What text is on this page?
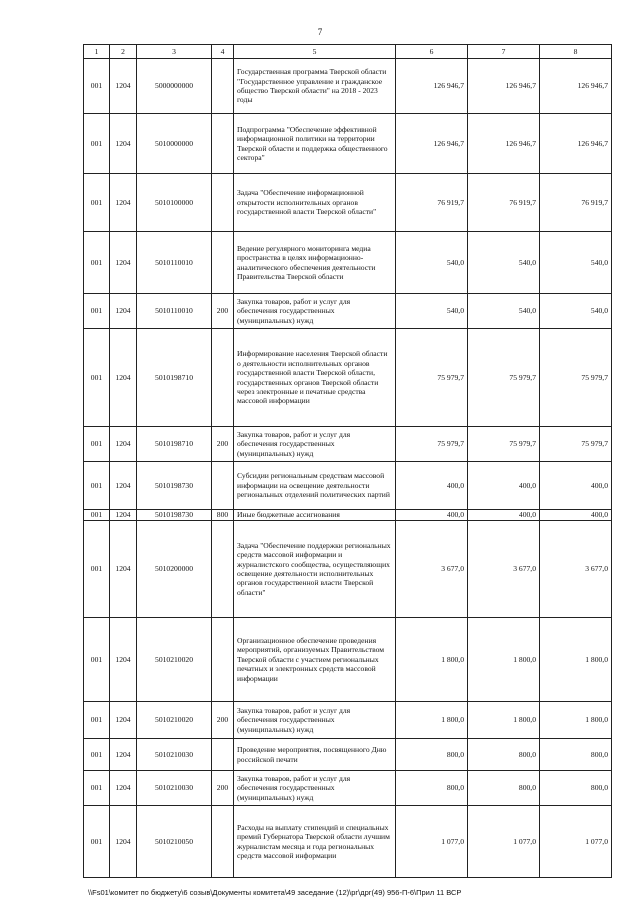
7
1	2	3	4	5	6	7	8
001	1204	5000000000		Государственная программа Тверской области "Государственное управление и гражданское общество Тверской области" на 2018 - 2023 годы	126 946,7	126 946,7	126 946,7
001	1204	5010000000		Подпрограмма "Обеспечение эффективной информационной политики на территории Тверской области и поддержка общественного сектора"	126 946,7	126 946,7	126 946,7
001	1204	5010100000		Задача "Обеспечение информационной открытости исполнительных органов государственной власти Тверской области"	76 919,7	76 919,7	76 919,7
001	1204	5010110010		Ведение регулярного мониторинга медиа пространства в целях информационно-аналитического обеспечения деятельности Правительства Тверской области	540,0	540,0	540,0
001	1204	5010110010	200	Закупка товаров, работ и услуг для обеспечения государственных (муниципальных) нужд	540,0	540,0	540,0
001	1204	5010198710		Информирование населения Тверской области о деятельности исполнительных органов государственной власти Тверской области, государственных органов Тверской области через электронные и печатные средства массовой информации	75 979,7	75 979,7	75 979,7
001	1204	5010198710	200	Закупка товаров, работ и услуг для обеспечения государственных (муниципальных) нужд	75 979,7	75 979,7	75 979,7
001	1204	5010198730		Субсидии региональным средствам массовой информации на освещение деятельности региональных отделений политических партий	400,0	400,0	400,0
001	1204	5010198730	800	Иные бюджетные ассигнования	400,0	400,0	400,0
001	1204	5010200000		Задача "Обеспечение поддержки региональных средств массовой информации и журналистского сообщества, осуществляющих освещение деятельности исполнительных органов государственной власти Тверской области"	3 677,0	3 677,0	3 677,0
001	1204	5010210020		Организационное обеспечение проведения мероприятий, организуемых Правительством Тверской области с участием региональных печатных и электронных средств массовой информации	1 800,0	1 800,0	1 800,0
001	1204	5010210020	200	Закупка товаров, работ и услуг для обеспечения государственных (муниципальных) нужд	1 800,0	1 800,0	1 800,0
001	1204	5010210030		Проведение мероприятия, посвященного Дню российской печати	800,0	800,0	800,0
001	1204	5010210030	200	Закупка товаров, работ и услуг для обеспечения государственных (муниципальных) нужд	800,0	800,0	800,0
001	1204	5010210050		Расходы на выплату стипендий и специальных премий Губернатора Тверской области лучшим журналистам месяца и года региональных средств массовой информации	1 077,0	1 077,0	1 077,0
\\Fs01\комитет по бюджету\6 созыв\Документы комитета\49 заседание (12)\рг\дрг(49) 956-П-6\Прил 11 ВСР
